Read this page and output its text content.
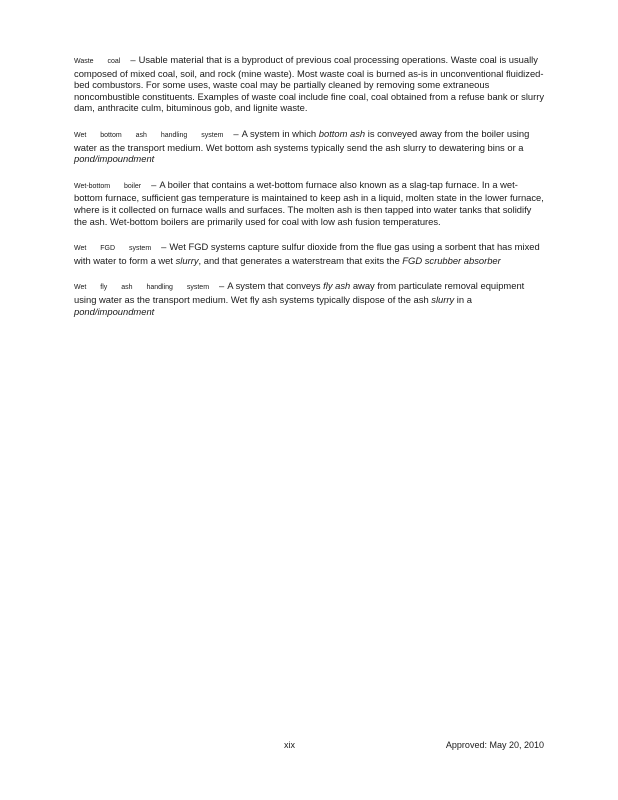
Waste coal – Usable material that is a byproduct of previous coal processing operations. Waste coal is usually composed of mixed coal, soil, and rock (mine waste). Most waste coal is burned as-is in unconventional fluidized-bed combustors. For some uses, waste coal may be partially cleaned by removing some extraneous noncombustible constituents. Examples of waste coal include fine coal, coal obtained from a refuse bank or slurry dam, anthracite culm, bituminous gob, and lignite waste.
Wet bottom ash handling system – A system in which bottom ash is conveyed away from the boiler using water as the transport medium. Wet bottom ash systems typically send the ash slurry to dewatering bins or a pond/impoundment
Wet-bottom boiler – A boiler that contains a wet-bottom furnace also known as a slag-tap furnace. In a wet-bottom furnace, sufficient gas temperature is maintained to keep ash in a liquid, molten state in the lower furnace, where is it collected on furnace walls and surfaces. The molten ash is then tapped into water tanks that solidify the ash. Wet-bottom boilers are primarily used for coal with low ash fusion temperatures.
Wet FGD system – Wet FGD systems capture sulfur dioxide from the flue gas using a sorbent that has mixed with water to form a wet slurry, and that generates a waterstream that exits the FGD scrubber absorber
Wet fly ash handling system – A system that conveys fly ash away from particulate removal equipment using water as the transport medium. Wet fly ash systems typically dispose of the ash slurry in a pond/impoundment
xix	Approved: May 20, 2010
